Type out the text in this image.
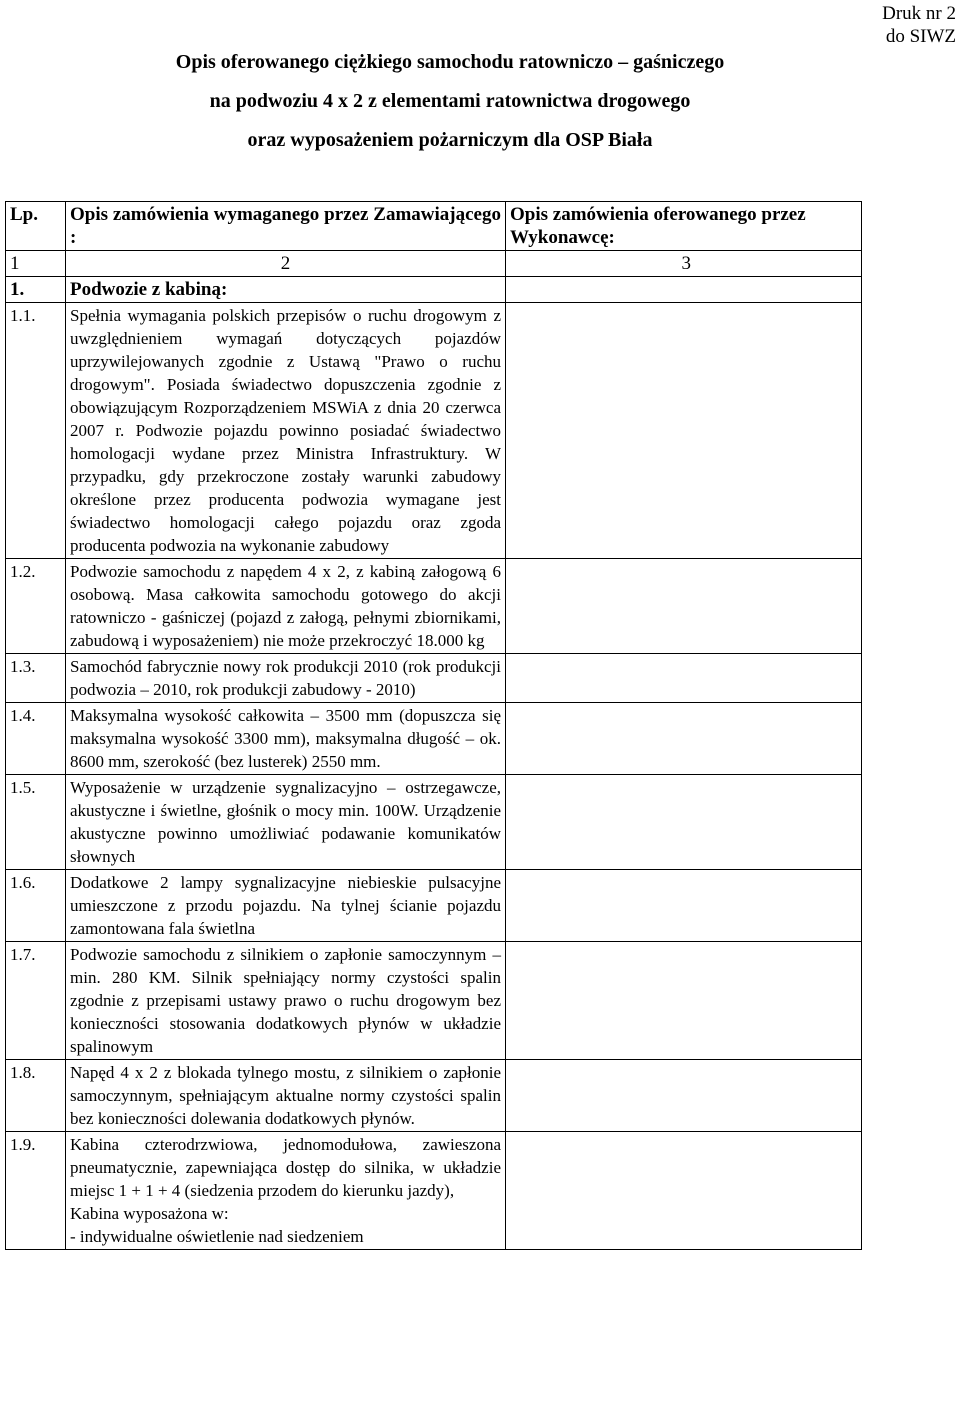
Druk nr 2
do SIWZ
Opis oferowanego ciężkiego samochodu ratowniczo – gaśniczego
na podwoziu 4 x 2 z elementami ratownictwa drogowego
oraz wyposażeniem pożarniczym dla OSP Biała
Lp.	Opis zamówienia wymaganego przez Zamawiającego :	Opis zamówienia oferowanego przez Wykonawcę:
1	2	3
1.	Podwozie z kabiną:	
1.1.	Spełnia wymagania polskich przepisów o ruchu drogowym z uwzględnieniem wymagań dotyczących pojazdów uprzywilejowanych zgodnie z Ustawą "Prawo o ruchu drogowym". Posiada świadectwo dopuszczenia zgodnie z obowiązującym Rozporządzeniem MSWiA z dnia 20 czerwca 2007 r. Podwozie pojazdu powinno posiadać świadectwo homologacji wydane przez Ministra Infrastruktury. W przypadku, gdy przekroczone zostały warunki zabudowy określone przez producenta podwozia wymagane jest świadectwo homologacji całego pojazdu oraz zgoda producenta podwozia na wykonanie zabudowy	
1.2.	Podwozie samochodu z napędem 4 x 2, z kabiną załogową 6 osobową. Masa całkowita samochodu gotowego do akcji ratowniczo - gaśniczej (pojazd z załogą, pełnymi zbiornikami, zabudową i wyposażeniem) nie może przekroczyć 18.000 kg	
1.3.	Samochód fabrycznie nowy rok produkcji 2010 (rok produkcji podwozia – 2010, rok produkcji zabudowy - 2010)	
1.4.	Maksymalna wysokość całkowita – 3500 mm (dopuszcza się maksymalna wysokość 3300 mm), maksymalna długość – ok. 8600 mm, szerokość (bez lusterek) 2550 mm.	
1.5.	Wyposażenie w urządzenie sygnalizacyjno – ostrzegawcze, akustyczne i świetlne, głośnik o mocy min. 100W. Urządzenie akustyczne powinno umożliwiać podawanie komunikatów słownych	
1.6.	Dodatkowe 2 lampy sygnalizacyjne niebieskie pulsacyjne umieszczone z przodu pojazdu. Na tylnej ścianie pojazdu zamontowana fala świetlna	
1.7.	Podwozie samochodu z silnikiem o zapłonie samoczynnym – min. 280 KM. Silnik spełniający normy czystości spalin zgodnie z przepisami ustawy prawo o ruchu drogowym bez konieczności stosowania dodatkowych płynów w układzie spalinowym	
1.8.	Napęd 4 x 2 z blokada tylnego mostu, z silnikiem o zapłonie samoczynnym, spełniającym aktualne normy czystości spalin bez konieczności dolewania dodatkowych płynów.	
1.9.	Kabina czterodrzwiowa, jednomodułowa, zawieszona pneumatycznie, zapewniająca dostęp do silnika, w układzie miejsc 1 + 1 + 4 (siedzenia przodem do kierunku jazdy),
Kabina wyposażona w:
- indywidualne oświetlenie nad siedzeniem	
